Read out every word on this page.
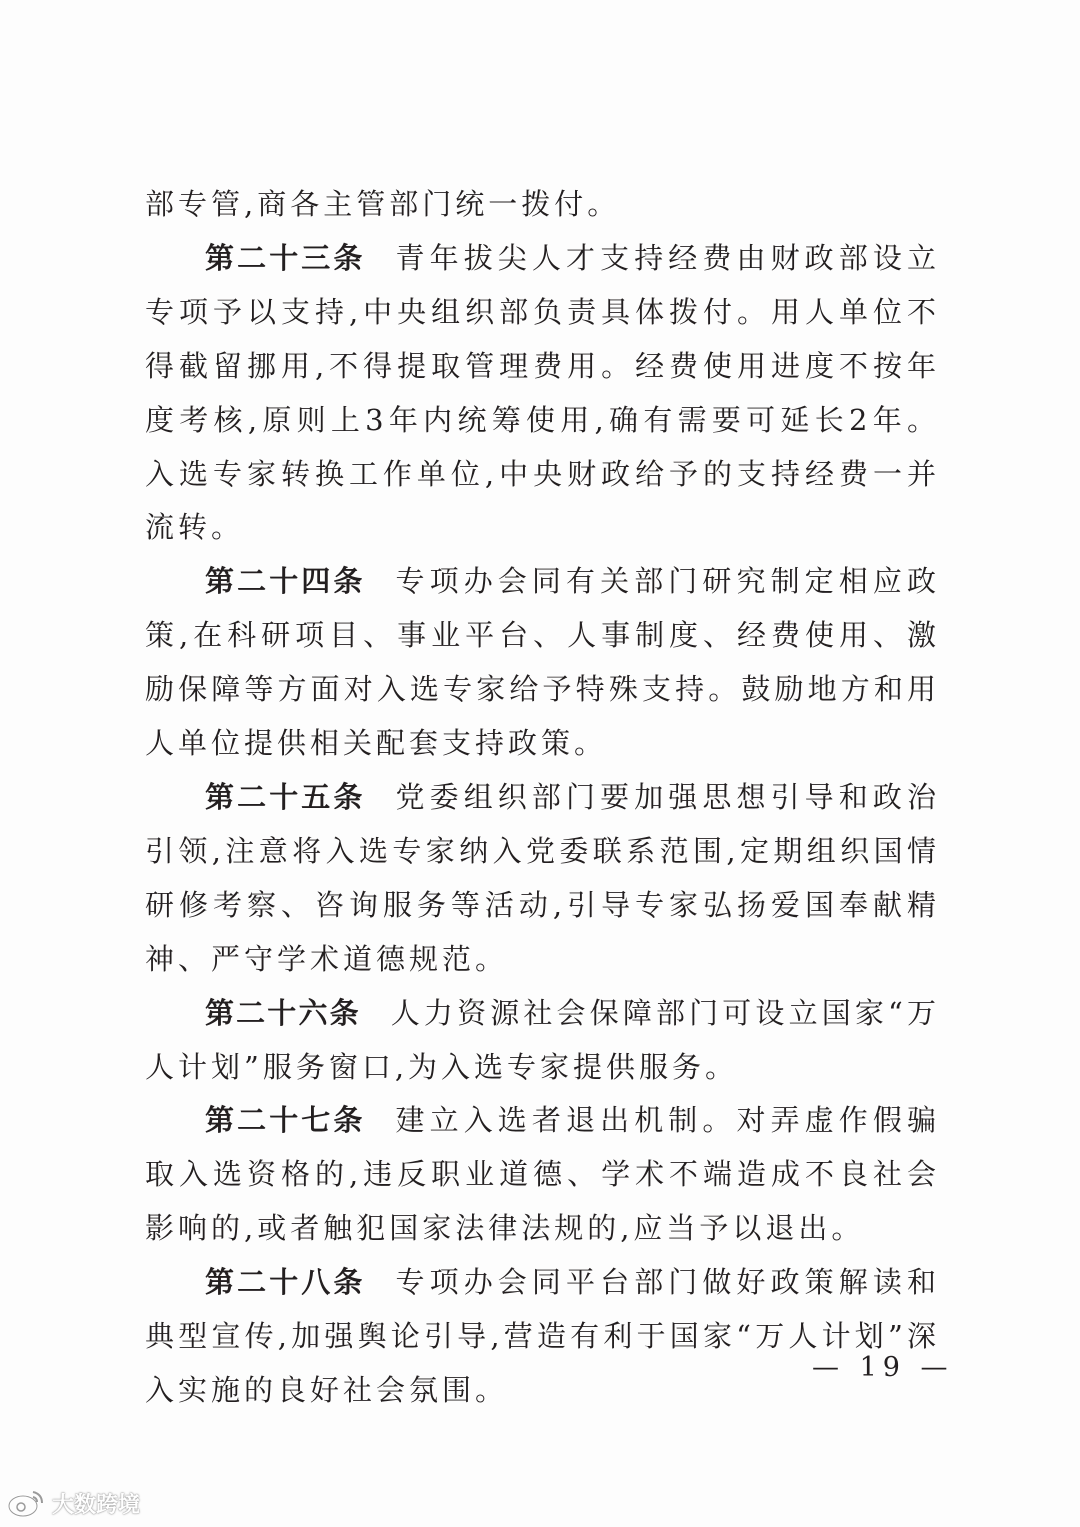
部专管,商各主管部门统一拨付。

第二十三条 青年拔尖人才支持经费由财政部设立专项予以支持,中央组织部负责具体拨付。用人单位不得截留挪用,不得提取管理费用。经费使用进度不按年度考核,原则上3年内统筹使用,确有需要可延长2年。入选专家转换工作单位,中央财政给予的支持经费一并流转。

第二十四条 专项办会同有关部门研究制定相应政策,在科研项目、事业平台、人事制度、经费使用、激励保障等方面对入选专家给予特殊支持。鼓励地方和用人单位提供相关配套支持政策。

第二十五条 党委组织部门要加强思想引导和政治引领,注意将入选专家纳入党委联系范围,定期组织国情研修考察、咨询服务等活动,引导专家弘扬爱国奉献精神、严守学术道德规范。

第二十六条 人力资源社会保障部门可设立国家“万人计划”服务窗口,为入选专家提供服务。

第二十七条 建立入选者退出机制。对弄虚作假骗取入选资格的,违反职业道德、学术不端造成不良社会影响的,或者触犯国家法律法规的,应当予以退出。

第二十八条 专项办会同平台部门做好政策解读和典型宣传,加强舆论引导,营造有利于国家“万人计划”深入实施的良好社会氛围。

— 19 —
大数跨境
